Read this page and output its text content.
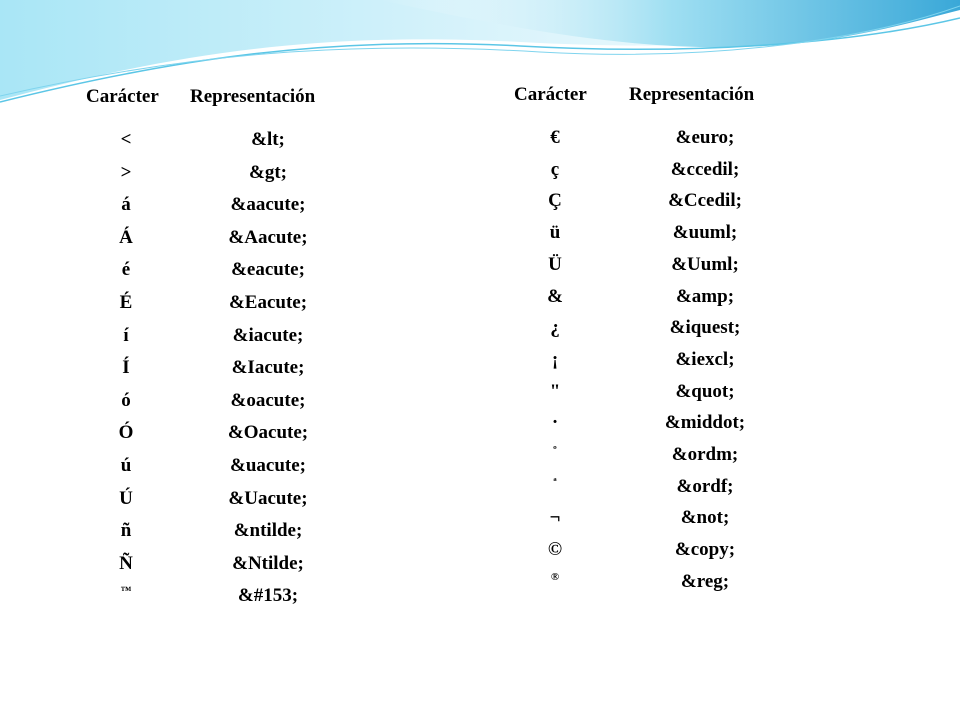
Carácter Representación
<	&lt;
>	&gt;
á	&aacute;
Á	&Aacute;
é	&eacute;
É	&Eacute;
í	&iacute;
Í	&Iacute;
ó	&oacute;
Ó	&Oacute;
ú	&uacute;
Ú	&Uacute;
ñ	&ntilde;
Ñ	&Ntilde;
™	&#153;
Carácter Representación
€	&euro;
ç	&ccedil;
Ç	&Ccedil;
ü	&uuml;
Ü	&Uuml;
&	&amp;
¿	&iquest;
¡	&iexcl;
"	&quot;
·	&middot;
º	&ordm;
ª	&ordf;
¬	&not;
©	&copy;
®	&reg;
